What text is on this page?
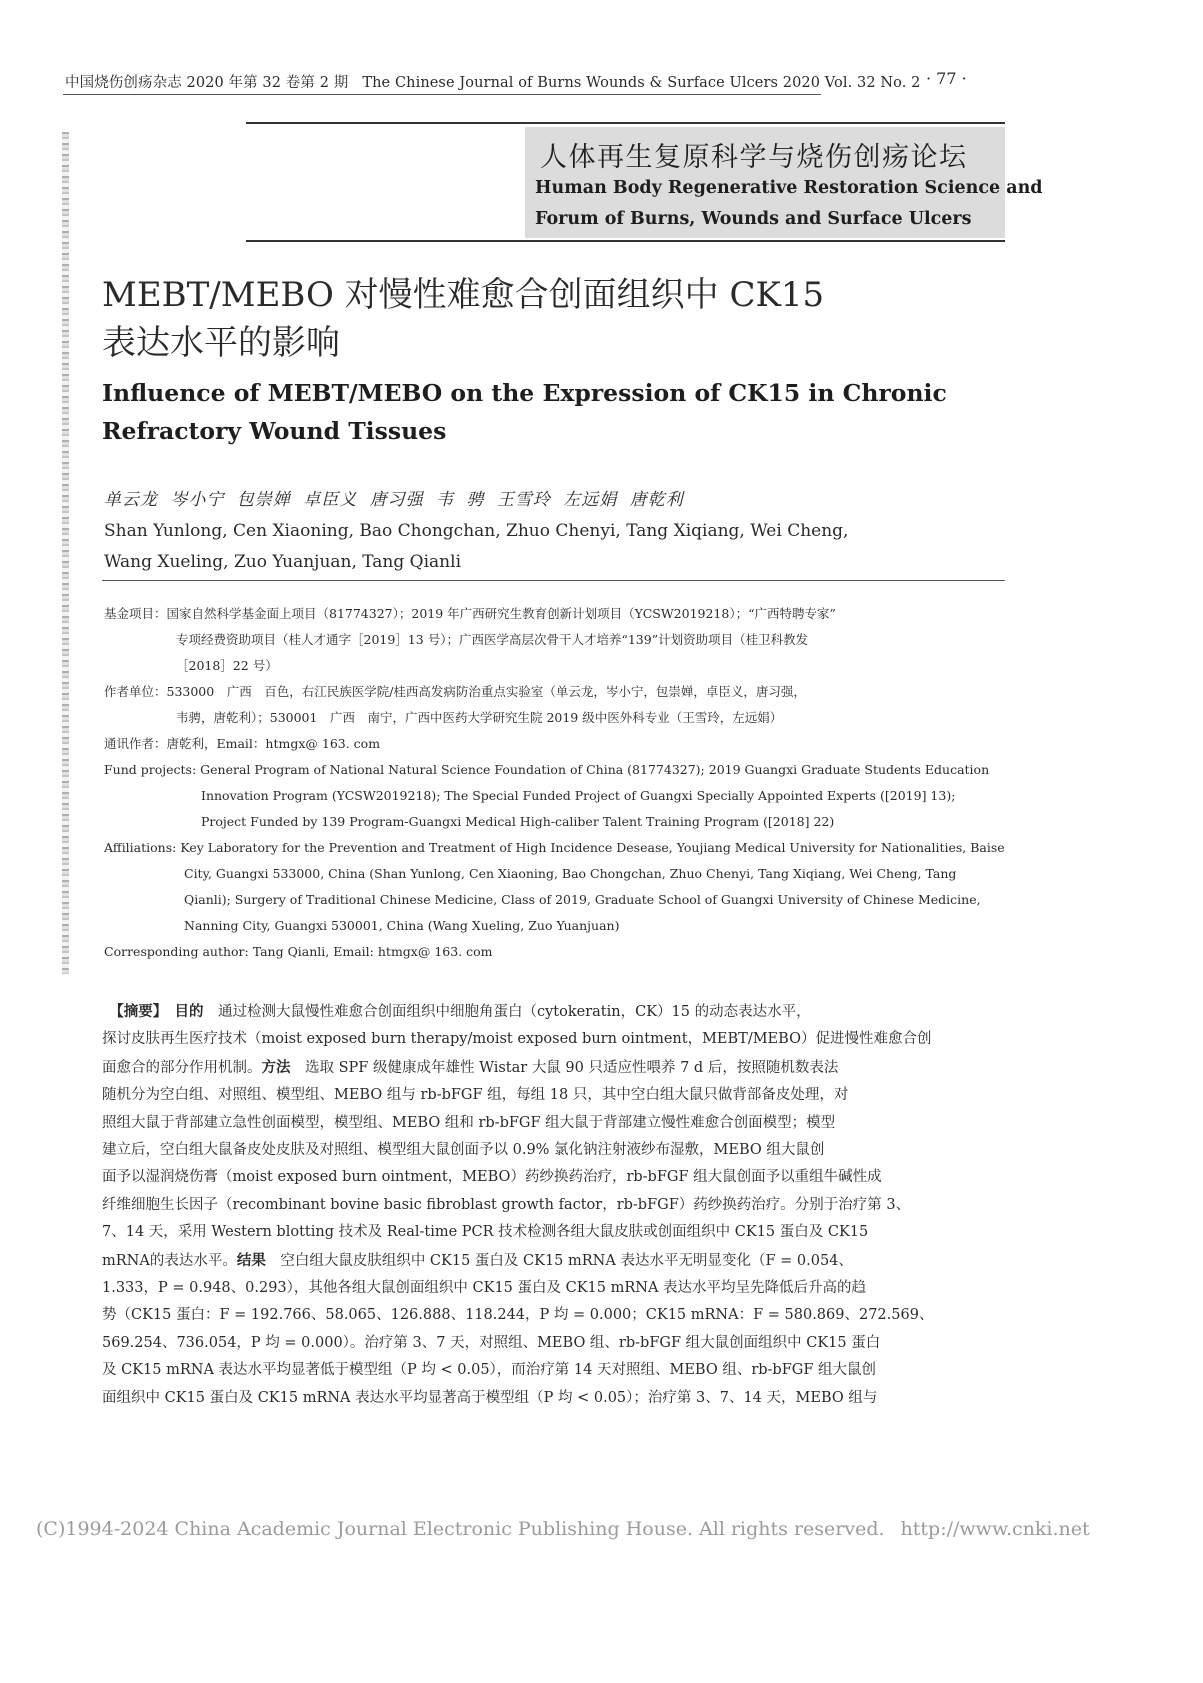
中国烧伤创疡杂志 2020 年第 32 卷第 2 期 The Chinese Journal of Burns Wounds & Surface Ulcers 2020 Vol. 32 No. 2 · 77 ·
人体再生复原科学与烧伤创疡论坛
Human Body Regenerative Restoration Science and
Forum of Burns, Wounds and Surface Ulcers
MEBT/MEBO 对慢性难愈合创面组织中 CK15
表达水平的影响
Influence of MEBT/MEBO on the Expression of CK15 in Chronic
Refractory Wound Tissues
单云龙 岑小宁 包崇婵 卓臣义 唐习强 韦 骋 王雪玲 左远娟 唐乾利
Shan Yunlong, Cen Xiaoning, Bao Chongchan, Zhuo Chenyi, Tang Xiqiang, Wei Cheng,
Wang Xueling, Zuo Yuanjuan, Tang Qianli
基金项目：国家自然科学基金面上项目（81774327）；2019 年广西研究生教育创新计划项目（YCSW2019218）；“广西特聘专家”
专项经费资助项目（桂人才通字［2019］13 号）；广西医学高层次骨干人才培养“139”计划资助项目（桂卫科教发
［2018］22 号）
作者单位：533000　广西　百色，右江民族医学院/桂西高发病防治重点实验室（单云龙，岑小宁，包崇婵，卓臣义，唐习强，
韦骋，唐乾利）；530001　广西　南宁，广西中医药大学研究生院 2019 级中医外科专业（王雪玲，左远娟）
通讯作者：唐乾利，Email：htmgx@ 163. com
Fund projects: General Program of National Natural Science Foundation of China (81774327); 2019 Guangxi Graduate Students Education
Innovation Program (YCSW2019218); The Special Funded Project of Guangxi Specially Appointed Experts ([2019] 13);
Project Funded by 139 Program-Guangxi Medical High-caliber Talent Training Program ([2018] 22)
Affiliations: Key Laboratory for the Prevention and Treatment of High Incidence Desease, Youjiang Medical University for Nationalities, Baise
City, Guangxi 533000, China (Shan Yunlong, Cen Xiaoning, Bao Chongchan, Zhuo Chenyi, Tang Xiqiang, Wei Cheng, Tang
Qianli); Surgery of Traditional Chinese Medicine, Class of 2019, Graduate School of Guangxi University of Chinese Medicine,
Nanning City, Guangxi 530001, China (Wang Xueling, Zuo Yuanjuan)
Corresponding author: Tang Qianli, Email: htmgx@ 163. com
　【摘要】　 目的　 通过检测大鼠慢性难愈合创面组织中细胞角蛋白（cytokeratin，CK）15 的动态表达水平，
探讨皮肤再生医疗技术（moist exposed burn therapy/moist exposed burn ointment，MEBT/MEBO）促进慢性难愈合创
面愈合的部分作用机制。方法　 选取 SPF 级健康成年雄性 Wistar 大鼠 90 只适应性喂养 7 d 后，按照随机数表法
随机分为空白组、对照组、模型组、MEBO 组与 rb-bFGF 组，每组 18 只，其中空白组大鼠只做背部备皮处理，对
照组大鼠于背部建立急性创面模型，模型组、MEBO 组和 rb-bFGF 组大鼠于背部建立慢性难愈合创面模型；模型
建立后，空白组大鼠备皮处皮肤及对照组、模型组大鼠创面予以 0.9% 氯化钠注射液纱布湿敷，MEBO 组大鼠创
面予以湿润烧伤膏（moist exposed burn ointment，MEBO）药纱换药治疗，rb-bFGF 组大鼠创面予以重组牛碱性成
纤维细胞生长因子（recombinant bovine basic fibroblast growth factor，rb-bFGF）药纱换药治疗。分别于治疗第 3、
7、14 天，采用 Western blotting 技术及 Real-time PCR 技术检测各组大鼠皮肤或创面组织中 CK15 蛋白及 CK15
mRNA的表达水平。结果　 空白组大鼠皮肤组织中 CK15 蛋白及 CK15 mRNA 表达水平无明显变化（F = 0.054、
1.333，P = 0.948、0.293），其他各组大鼠创面组织中 CK15 蛋白及 CK15 mRNA 表达水平均呈先降低后升高的趋
势（CK15 蛋白：F = 192.766、58.065、126.888、118.244，P 均 = 0.000；CK15 mRNA：F = 580.869、272.569、
569.254、736.054，P 均 = 0.000）。治疗第 3、7 天，对照组、MEBO 组、rb-bFGF 组大鼠创面组织中 CK15 蛋白
及 CK15 mRNA 表达水平均显著低于模型组（P 均 < 0.05），而治疗第 14 天对照组、MEBO 组、rb-bFGF 组大鼠创
面组织中 CK15 蛋白及 CK15 mRNA 表达水平均显著高于模型组（P 均 < 0.05）；治疗第 3、7、14 天，MEBO 组与
(C)1994-2024 China Academic Journal Electronic Publishing House. All rights reserved. http://www.cnki.net
